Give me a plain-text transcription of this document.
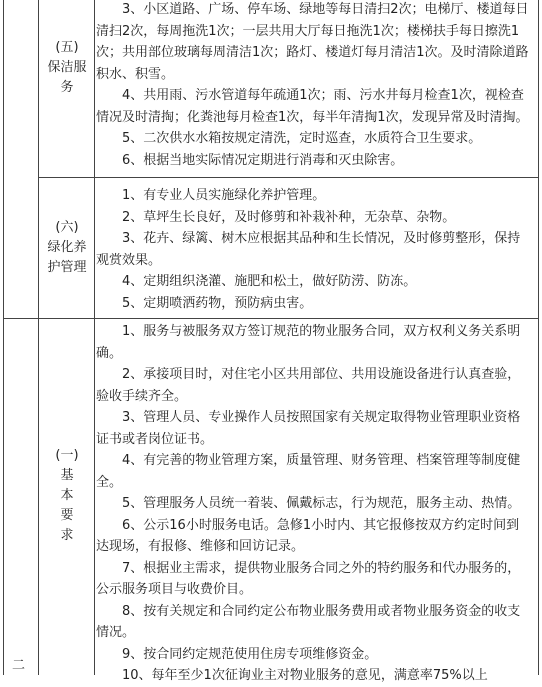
(五)
保洁服
务

3、小区道路、广场、停车场、绿地等每日清扫2次；电梯厅、楼道每日清扫2次，每周拖洗1次；一层共用大厅每日拖洗1次；楼梯扶手每日擦洗1次；共用部位玻璃每周清洁1次；路灯、楼道灯每月清洁1次。及时清除道路积水、积雪。

4、共用雨、污水管道每年疏通1次；雨、污水井每月检查1次，视检查情况及时清掏；化粪池每月检查1次，每半年清掏1次，发现异常及时清掏。

5、二次供水水箱按规定清洗，定时巡查，水质符合卫生要求。

6、根据当地实际情况定期进行消毒和灭虫除害。

(六)
绿化养
护管理

1、有专业人员实施绿化养护管理。

2、草坪生长良好，及时修剪和补栽补种，无杂草、杂物。

3、花卉、绿篱、树木应根据其品种和生长情况，及时修剪整形，保持观赏效果。

4、定期组织浇灌、施肥和松土，做好防涝、防冻。

5、定期喷洒药物，预防病虫害。

(一)
基
本
要
求

1、服务与被服务双方签订规范的物业服务合同，双方权利义务关系明确。

2、承接项目时，对住宅小区共用部位、共用设施设备进行认真查验，验收手续齐全。

3、管理人员、专业操作人员按照国家有关规定取得物业管理职业资格证书或者岗位证书。

4、有完善的物业管理方案，质量管理、财务管理、档案管理等制度健全。

5、管理服务人员统一着装、佩戴标志，行为规范，服务主动、热情。

6、公示16小时服务电话。急修1小时内、其它报修按双方约定时间到达现场，有报修、维修和回访记录。

7、根据业主需求，提供物业服务合同之外的特约服务和代办服务的，公示服务项目与收费价目。

8、按有关规定和合同约定公布物业服务费用或者物业服务资金的收支情况。

9、按合同约定规范使用住房专项维修资金。

10、每年至少1次征询业主对物业服务的意见，满意率75%以上

二
